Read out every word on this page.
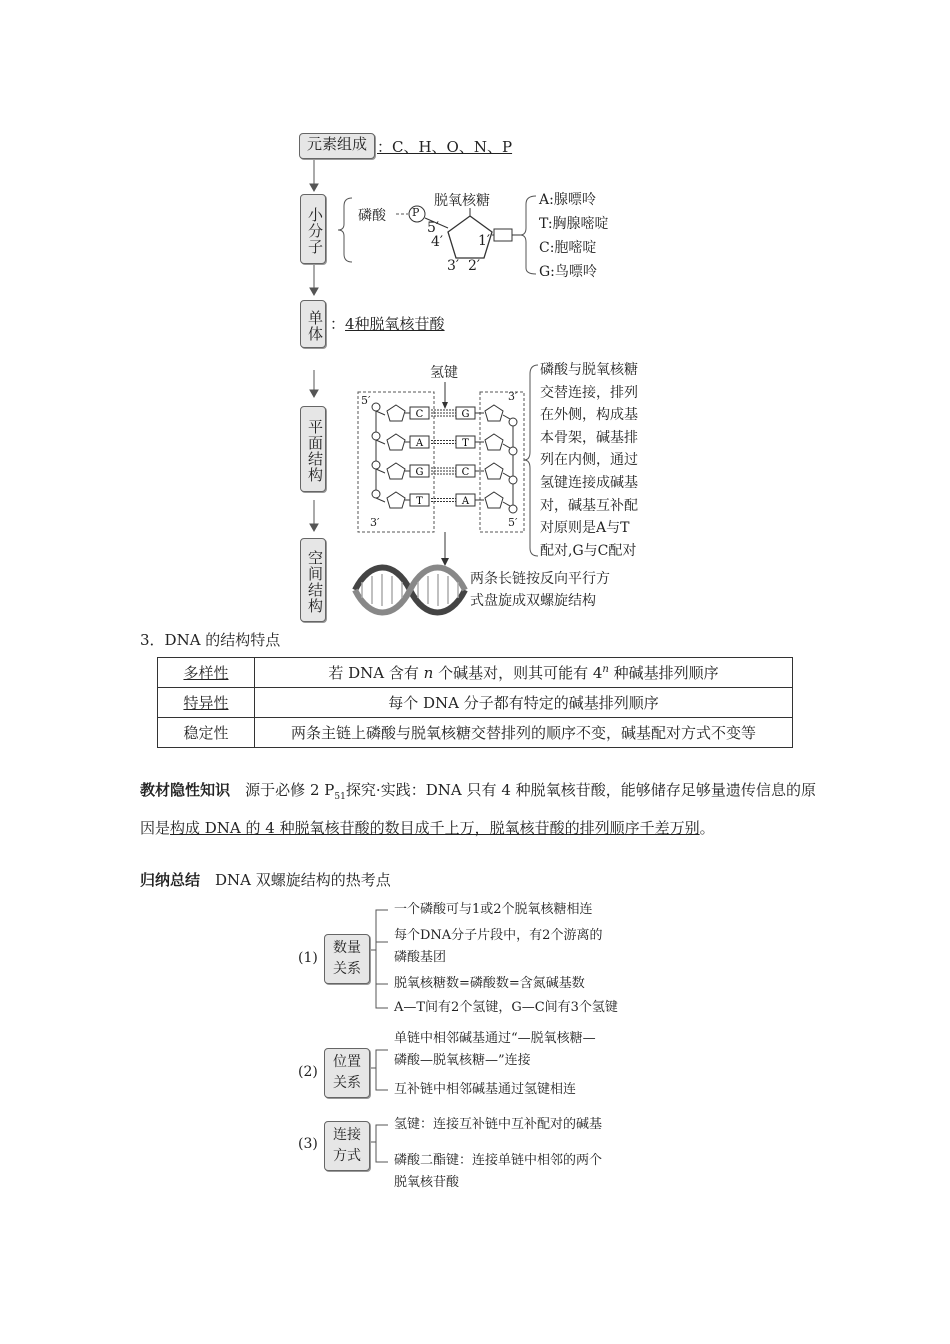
C	G
A	T
G	C
T	A
元素组成 ：C、H、O、N、P
小分子 磷酸 P
脱氧核糖
5′
4′
3′ 2′
1′
A:腺嘌呤
T:胸腺嘧啶
C:胞嘧啶
G:鸟嘌呤
单体 ：4种脱氧核苷酸
平面结构
氢键
5′	3′
3′	5′
磷酸与脱氧核糖
交替连接，排列
在外侧，构成基
本骨架，碱基排
列在内侧，通过
氢键连接成碱基
对，碱基互补配
对原则是A与T
配对,G与C配对
空间结构	两条长链按反向平行方
式盘旋成双螺旋结构
3．DNA 的结构特点
多样性	若 DNA 含有 n 个碱基对，则其可能有 4$^n$ 种碱基排列顺序
特异性	每个 DNA 分子都有特定的碱基排列顺序
稳定性	两条主链上磷酸与脱氧核糖交替排列的顺序不变，碱基配对方式不变等
教材隐性知识　源于必修 2 $P_{51}$探究·实践：DNA 只有 4 种脱氧核苷酸，能够储存足够量遗传信息的原因是构成 DNA 的 4 种脱氧核苷酸的数目成千上万，脱氧核苷酸的排列顺序千差万别。
归纳总结　DNA 双螺旋结构的热考点
(1)
数量
关系
一个磷酸可与1或2个脱氧核糖相连
每个DNA分子片段中，有2个游离的
磷酸基团
脱氧核糖数=磷酸数=含氮碱基数
A—T间有2个氢键，G—C间有3个氢键
(2)
位置
关系
单链中相邻碱基通过“—脱氧核糖—
磷酸—脱氧核糖—”连接
互补链中相邻碱基通过氢键相连
(3)
连接
方式
氢键：连接互补链中互补配对的碱基
磷酸二酯键：连接单链中相邻的两个
脱氧核苷酸
